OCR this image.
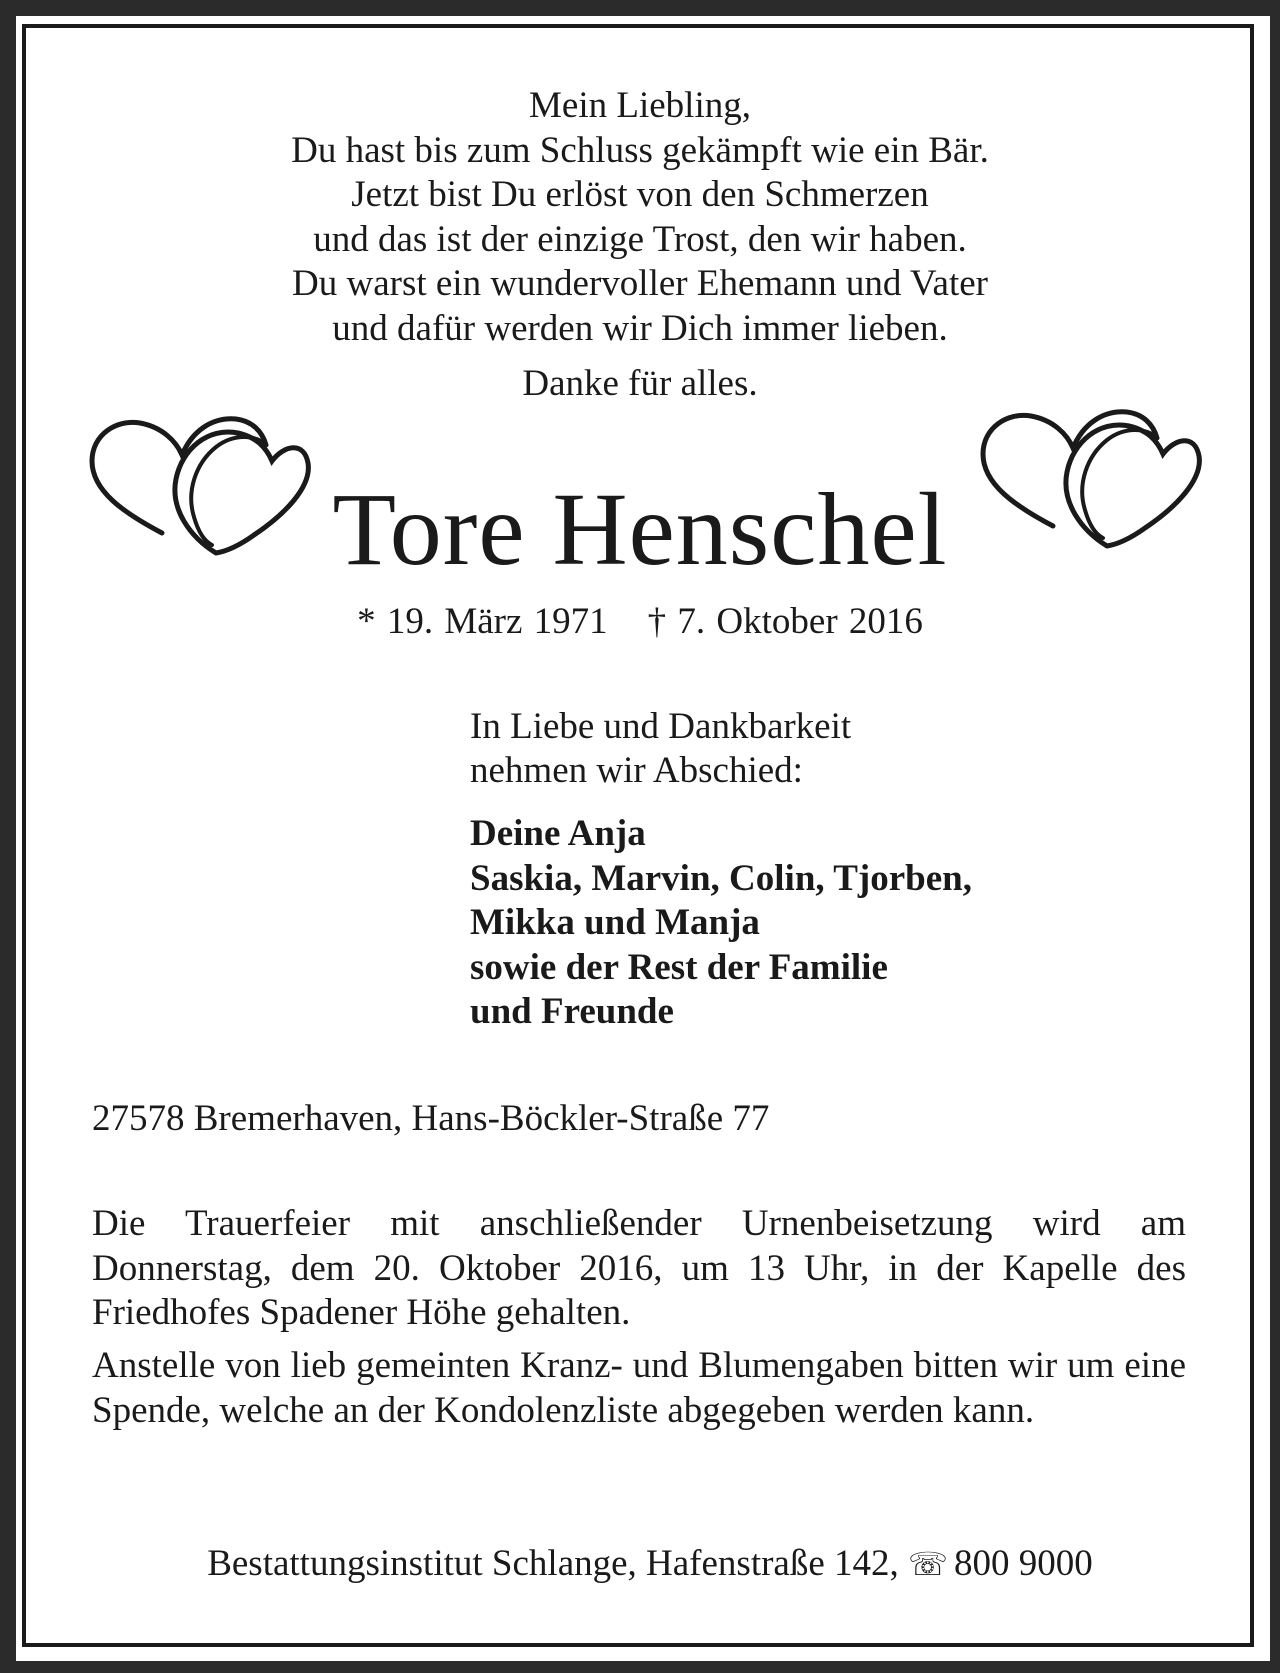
Mein Liebling,
Du hast bis zum Schluss gekämpft wie ein Bär.
Jetzt bist Du erlöst von den Schmerzen
und das ist der einzige Trost, den wir haben.
Du warst ein wundervoller Ehemann und Vater
und dafür werden wir Dich immer lieben.
Danke für alles.
Tore Henschel
* 19. März 1971 † 7. Oktober 2016
In Liebe und Dankbarkeit
nehmen wir Abschied:
Deine Anja
Saskia, Marvin, Colin, Tjorben,
Mikka und Manja
sowie der Rest der Familie
und Freunde
27578 Bremerhaven, Hans-Böckler-Straße 77
Die Trauerfeier mit anschließender Urnenbeisetzung wird am Donnerstag, dem 20. Oktober 2016, um 13 Uhr, in der Kapelle des Friedhofes Spadener Höhe gehalten.
Anstelle von lieb gemeinten Kranz- und Blumengaben bitten wir um eine Spende, welche an der Kondolenzliste abgegeben werden kann.
Bestattungsinstitut Schlange, Hafenstraße 142, ☏ 800 9000
